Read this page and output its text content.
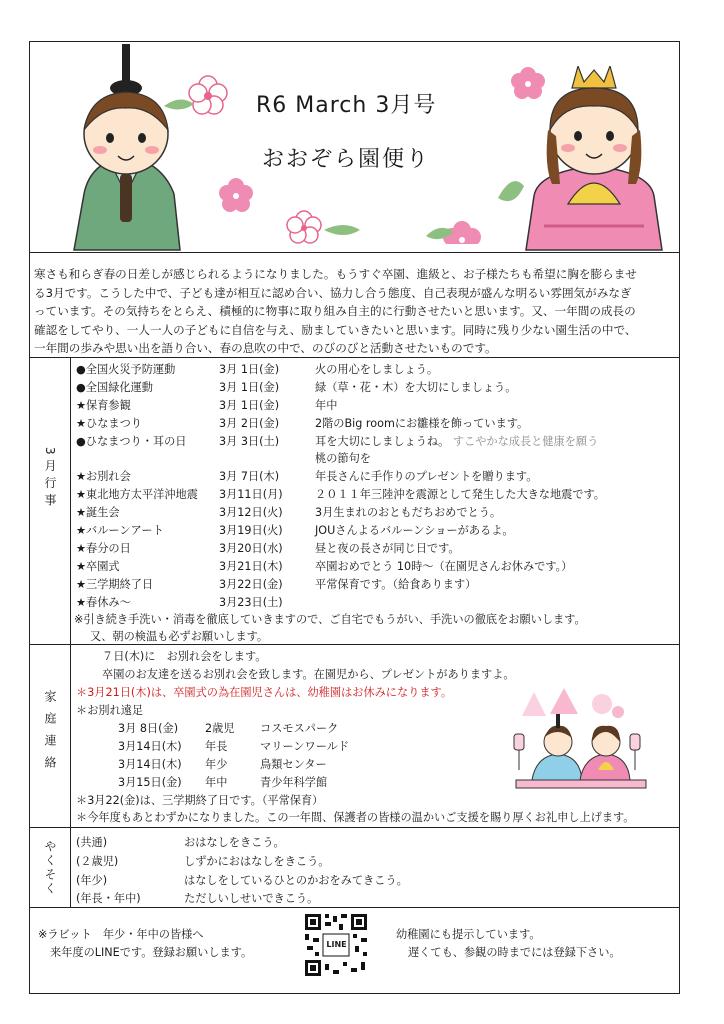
R6 March 3月号
おおぞら園便り

寒さも和らぎ春の日差しが感じられるようになりました。もうすぐ卒園、進級と、お子様たちも希望に胸を膨らませ

る3月です。こうした中で、子ども達が相互に認め合い、協力し合う態度、自己表現が盛んな明るい雰囲気がみなぎ

っています。その気持ちをとらえ、積極的に物事に取り組み自主的に行動させたいと思います。又、一年間の成長の

確認をしてやり、一人一人の子どもに自信を与え、励ましていきたいと思います。同時に残り少ない園生活の中で、

一年間の歩みや思い出を語り合い、春の息吹の中で、のびのびと活動させたいものです。

3月行事
●全国火災予防運動	3月 1日(金)	火の用心をしましょう。
●全国緑化運動	3月 1日(金)	緑（草・花・木）を大切にしましょう。
★保育参観	3月 1日(金)	年中
★ひなまつり	3月 2日(金)	2階のBig roomにお雛様を飾っています。
●ひなまつり・耳の日	3月 3日(土)	耳を大切にしましょうね。 すこやかな成長と健康を願う
桃の節句を
★お別れ会	3月 7日(木)	年長さんに手作りのプレゼントを贈ります。
★東北地方太平洋沖地震 3月11日(月)	２０１１年三陸沖を震源として発生した大きな地震です。
★誕生会	3月12日(火)	3月生まれのおともだちおめでとう。
★バルーンアート	3月19日(火)	JOUさんよるバルーンショーがあるよ。
★春分の日	3月20日(水)	昼と夜の長さが同じ日です。
★卒園式	3月21日(木)	卒園おめでとう 10時～（在園児さんお休みです。）
★三学期終了日	3月22日(金)	平常保育です。（給食あります）
★春休み～	3月23日(土)
※引き続き手洗い・消毒を徹底していきますので、ご自宅でもうがい、手洗いの徹底をお願いします。
又、朝の検温も必ずお願いします。
家庭連絡
７日(木)に　お別れ会をします。
卒園のお友達を送るお別れ会を致します。在園児から、プレゼントがありますよ。
＊3月21日(木)は、卒園式の為在園児さんは、幼稚園はお休みになります。
＊お別れ遠足
3月 8日(金) 2歳児 コスモスパーク
3月14日(木) 年長	マリーンワールド
3月14日(木) 年少	鳥類センター
3月15日(金) 年中	青少年科学館
＊3月22(金)は、三学期終了日です。（平常保育）
＊今年度もあとわずかになりました。この一年間、保護者の皆様の温かいご支援を賜り厚くお礼申し上げます。
やくそく (共通)	おはなしをきこう。
(２歳児)	しずかにおはなしをきこう。
(年少)	はなしをしているひとのかおをみてきこう。
(年長・年中)	ただしいしせいできこう。
※ラビット　年少・年中の皆様へ
来年度のLINEです。登録お願いします。
LINE
幼稚園にも提示しています。
遅くても、参観の時までには登録下さい。
